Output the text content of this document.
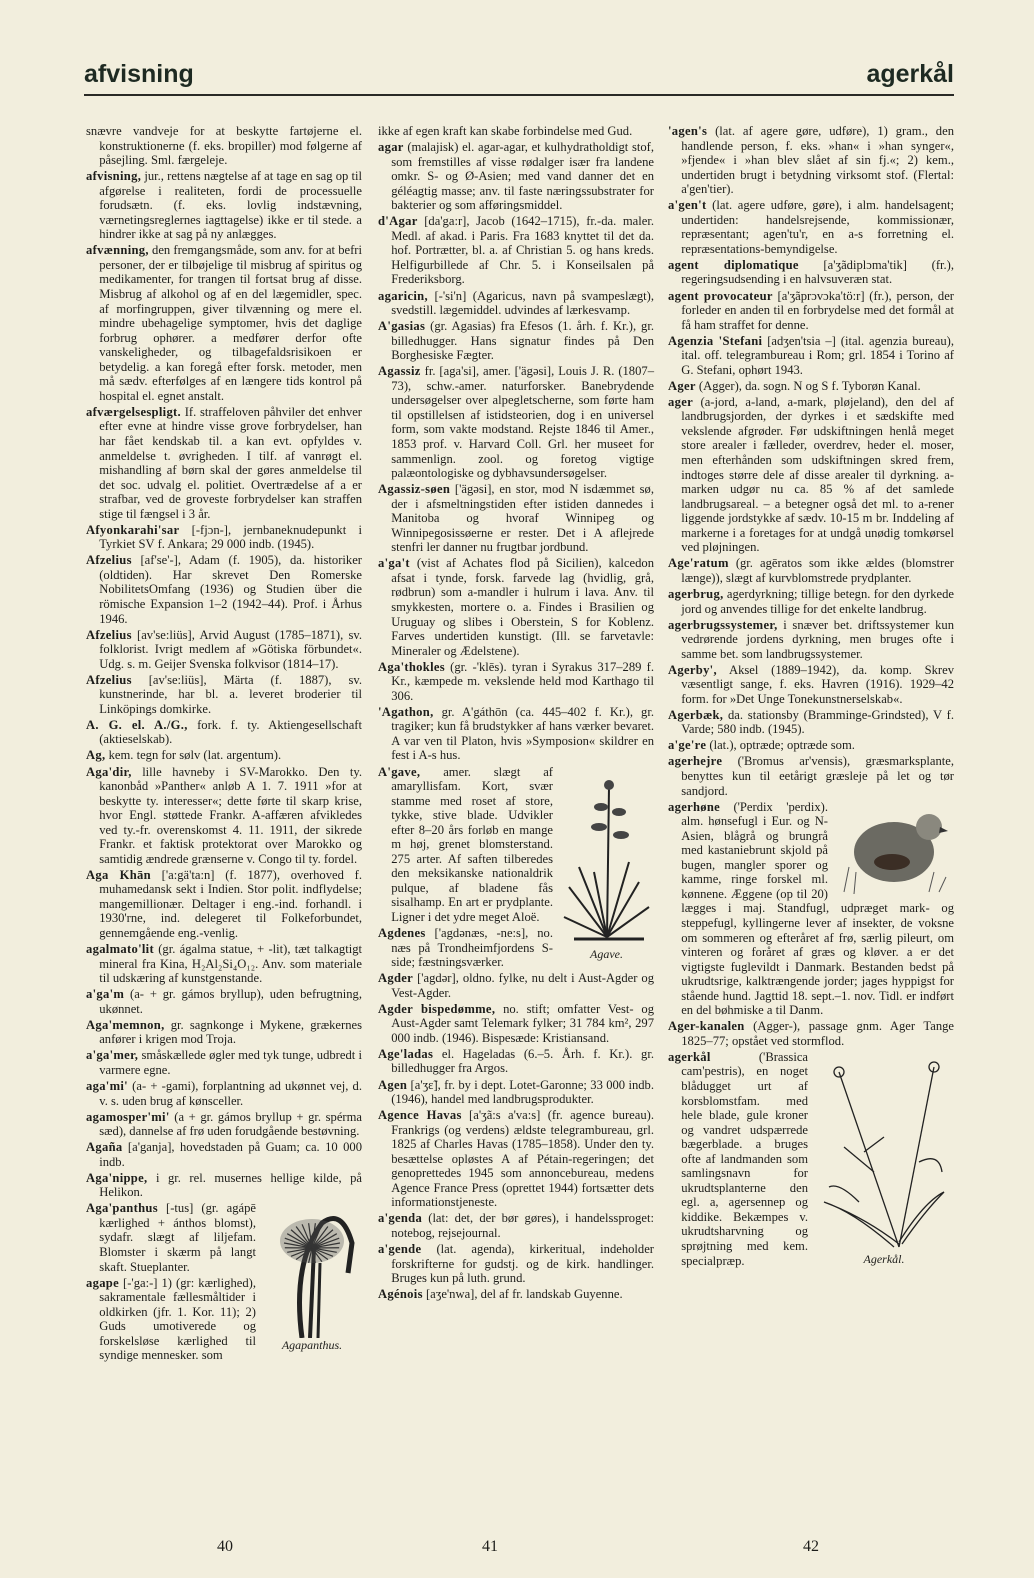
afvisning	agerkål

snævre vandveje for at beskytte fartøjerne el. konstruktionerne (f. eks. bropiller) mod følgerne af påsejling. Sml. færgeleje.

afvisning, jur., rettens nægtelse af at tage en sag op til afgørelse i realiteten, fordi de processuelle forudsætn. (f. eks. lovlig indstævning, værnetingsreglernes iagttagelse) ikke er til stede. a hindrer ikke at sag på ny anlægges.

afvænning, den fremgangsmåde, som anv. for at befri personer, der er tilbøjelige til misbrug af spiritus og medikamenter, for trangen til fortsat brug af disse. Misbrug af alkohol og af en del lægemidler, spec. af morfingruppen, giver tilvænning og mere el. mindre ubehagelige symptomer, hvis det daglige forbrug ophører. a medfører derfor ofte vanskeligheder, og tilbagefaldsrisikoen er betydelig. a kan foregå efter forsk. metoder, men må sædv. efterfølges af en længere tids kontrol på hospital el. egnet anstalt.

afværgelsespligt. If. straffeloven påhviler det enhver efter evne at hindre visse grove forbrydelser, han har fået kendskab til. a kan evt. opfyldes v. anmeldelse t. øvrigheden. I tilf. af vanrøgt el. mishandling af børn skal der gøres anmeldelse til det soc. udvalg el. politiet. Overtrædelse af a er strafbar, ved de groveste forbrydelser kan straffen stige til fængsel i 3 år.

Afyonkarahi'sar [-fjɔn-], jernbaneknudepunkt i Tyrkiet SV f. Ankara; 29 000 indb. (1945).

Afzelius [af'se'-], Adam (f. 1905), da. historiker (oldtiden). Har skrevet Den Romerske NobilitetsOmfang (1936) og Studien über die römische Expansion 1–2 (1942–44). Prof. i Århus 1946.

Afzelius [av'se:liüs], Arvid August (1785–1871), sv. folklorist. Ivrigt medlem af »Götiska förbundet«. Udg. s. m. Geijer Svenska folkvisor (1814–17).

Afzelius [av'se:liüs], Märta (f. 1887), sv. kunstnerinde, har bl. a. leveret broderier til Linköpings domkirke.

A. G. el. A./G., fork. f. ty. Aktiengesellschaft (aktieselskab).

Ag, kem. tegn for sølv (lat. argentum).

Aga'dir, lille havneby i SV-Marokko. Den ty. kanonbåd »Panther« anløb A 1. 7. 1911 »for at beskytte ty. interesser«; dette førte til skarp krise, hvor Engl. støttede Frankr. A-affæren afvikledes ved ty.-fr. overenskomst 4. 11. 1911, der sikrede Frankr. et faktisk protektorat over Marokko og samtidig ændrede grænserne v. Congo til ty. fordel.

Aga Khān ['a:gä'ta:n] (f. 1877), overhoved f. muhamedansk sekt i Indien. Stor polit. indflydelse; mangemillionær. Deltager i eng.-ind. forhandl. i 1930'rne, ind. delegeret til Folkeforbundet, gennemgående eng.-venlig.

agalmato'lit (gr. ágalma statue, + -lit), tæt talkagtigt mineral fra Kina, H₂Al₂Si₄O₁₂. Anv. som materiale til udskæring af kunstgenstande.

a'ga'm (a- + gr. gámos bryllup), uden befrugtning, ukønnet.

Aga'memnon, gr. sagnkonge i Mykene, grækernes anfører i krigen mod Troja.

a'ga'mer, småskællede øgler med tyk tunge, udbredt i varmere egne.

aga'mi' (a- + -gami), forplantning ad ukønnet vej, d. v. s. uden brug af kønsceller.

agamosper'mi' (a + gr. gámos bryllup + gr. spérma sæd), dannelse af frø uden forudgående bestøvning.

Agaña [a'ganja], hovedstaden på Guam; ca. 10 000 indb.

Aga'nippe, i gr. rel. musernes hellige kilde, på Helikon.

Agapanthus.
Aga'panthus [-tus] (gr. agápē kærlighed + ánthos blomst), sydafr. slægt af liljefam. Blomster i skærm på langt skaft. Stueplanter.

agape [-'ga:-] 1) (gr: kærlighed), sakramentale fællesmåltider i oldkirken (jfr. 1. Kor. 11); 2) Guds umotiverede og forskelsløse kærlighed til syndige mennesker. som

ikke af egen kraft kan skabe forbindelse med Gud.

agar (malajisk) el. agar-agar, et kulhydratholdigt stof, som fremstilles af visse rødalger især fra landene omkr. S- og Ø-Asien; med vand danner det en géléagtig masse; anv. til faste næringssubstrater for bakterier og som afføringsmiddel.

d'Agar [da'ga:r], Jacob (1642–1715), fr.-da. maler. Medl. af akad. i Paris. Fra 1683 knyttet til det da. hof. Portrætter, bl. a. af Christian 5. og hans kreds. Helfigurbillede af Chr. 5. i Konseilsalen på Frederiksborg.

agaricin, [-'si'n] (Agaricus, navn på svampeslægt), svedstill. lægemiddel. udvindes af lærkesvamp.

A'gasias (gr. Agasias) fra Efesos (1. årh. f. Kr.), gr. billedhugger. Hans signatur findes på Den Borghesiske Fægter.

Agassiz fr. [aga'si], amer. ['ägəsi], Louis J. R. (1807–73), schw.-amer. naturforsker. Banebrydende undersøgelser over alpegletscherne, som førte ham til opstillelsen af istidsteorien, dog i en universel form, som vakte modstand. Rejste 1846 til Amer., 1853 prof. v. Harvard Coll. Grl. her museet for sammenlign. zool. og foretog vigtige palæontologiske og dybhavsundersøgelser.

Agassiz-søen ['ägəsi], en stor, mod N isdæmmet sø, der i afsmeltningstiden efter istiden dannedes i Manitoba og hvoraf Winnipeg og Winnipegosissøerne er rester. Det i A aflejrede stenfri ler danner nu frugtbar jordbund.

a'ga't (vist af Achates flod på Sicilien), kalcedon afsat i tynde, forsk. farvede lag (hvidlig, grå, rødbrun) som a-mandler i hulrum i lava. Anv. til smykkesten, mortere o. a. Findes i Brasilien og Uruguay og slibes i Oberstein, S for Koblenz. Farves undertiden kunstigt. (Ill. se farvetavle: Mineraler og Ædelstene).

Aga'thokles (gr. -'klēs). tyran i Syrakus 317–289 f. Kr., kæmpede m. vekslende held mod Karthago til 306.

'Agathon, gr. A'gáthōn (ca. 445–402 f. Kr.), gr. tragiker; kun få brudstykker af hans værker bevaret. A var ven til Platon, hvis »Symposion« skildrer en fest i A-s hus.

Agave.
A'gave, amer. slægt af amaryllisfam. Kort, svær stamme med roset af store, tykke, stive blade. Udvikler efter 8–20 års forløb en mange m høj, grenet blomsterstand. 275 arter. Af saften tilberedes den meksikanske nationaldrik pulque, af bladene fås sisalhamp. En art er prydplante. Ligner i det ydre meget Aloë.

Agdenes ['agdənæs, -ne:s], no. næs på Trondheimfjordens S-side; fæstningsværker.

Agder ['agdər], oldno. fylke, nu delt i Aust-Agder og Vest-Agder.

Agder bispedømme, no. stift; omfatter Vest- og Aust-Agder samt Telemark fylker; 31 784 km², 297 000 indb. (1946). Bispesæde: Kristiansand.

Age'ladas el. Hageladas (6.–5. Årh. f. Kr.). gr. billedhugger fra Argos.

Agen [a'ʒɛ̃], fr. by i dept. Lotet-Garonne; 33 000 indb. (1946), handel med landbrugsprodukter.

Agence Havas [a'ʒã:s a'va:s] (fr. agence bureau). Frankrigs (og verdens) ældste telegrambureau, grl. 1825 af Charles Havas (1785–1858). Under den ty. besættelse opløstes A af Pétain-regeringen; det genoprettedes 1945 som annoncebureau, medens Agence France Press (oprettet 1944) fortsætter dets informationstjeneste.

a'genda (lat: det, der bør gøres), i handelssproget: notebog, rejsejournal.

a'gende (lat. agenda), kirkeritual, indeholder forskrifterne for gudstj. og de kirk. handlinger. Bruges kun på luth. grund.

Agénois [aʒe'nwa], del af fr. landskab Guyenne.

'agen's (lat. af agere gøre, udføre), 1) gram., den handlende person, f. eks. »han« i »han synger«, »fjende« i »han blev slået af sin fj.«; 2) kem., undertiden brugt i betydning virksomt stof. (Flertal: a'gen'tier).

a'gen't (lat. agere udføre, gøre), i alm. handelsagent; undertiden: handelsrejsende, kommissionær, repræsentant; agen'tu'r, en a-s forretning el. repræsentations-bemyndigelse.

agent diplomatique [a'ʒãdiplɔma'tik] (fr.), regeringsudsending i en halvsuveræn stat.

agent provocateur [a'ʒãprɔvɔka'tö:r] (fr.), person, der forleder en anden til en forbrydelse med det formål at få ham straffet for denne.

Agenzia 'Stefani [adʒen'tsia –] (ital. agenzia bureau), ital. off. telegrambureau i Rom; grl. 1854 i Torino af G. Stefani, ophørt 1943.

Ager (Agger), da. sogn. N og S f. Tyborøn Kanal.

ager (a-jord, a-land, a-mark, pløjeland), den del af landbrugsjorden, der dyrkes i et sædskifte med vekslende afgrøder. Før udskiftningen henlå meget store arealer i fælleder, overdrev, heder el. moser, men efterhånden som udskiftningen skred frem, indtoges større dele af disse arealer til dyrkning. a-marken udgør nu ca. 85 % af det samlede landbrugsareal. – a betegner også det ml. to a-rener liggende jordstykke af sædv. 10-15 m br. Inddeling af markerne i a foretages for at undgå unødig tomkørsel ved pløjningen.

Age'ratum (gr. agēratos som ikke ældes (blomstrer længe)), slægt af kurvblomstrede prydplanter.

agerbrug, agerdyrkning; tillige betegn. for den dyrkede jord og anvendes tillige for det enkelte landbrug.

agerbrugssystemer, i snæver bet. driftssystemer kun vedrørende jordens dyrkning, men bruges ofte i samme bet. som landbrugssystemer.

Agerby', Aksel (1889–1942), da. komp. Skrev væsentligt sange, f. eks. Havren (1916). 1929–42 form. for »Det Unge Tonekunstnerselskab«.

Agerbæk, da. stationsby (Bramminge-Grindsted), V f. Varde; 580 indb. (1945).

a'ge're (lat.), optræde; optræde som.

agerhejre ('Bromus ar'vensis), græsmarksplante, benyttes kun til eetårigt græsleje på let og tør sandjord.

agerhøne ('Perdix 'perdix). alm. hønsefugl i Eur. og N-Asien, blågrå og brungrå med kastaniebrunt skjold på bugen, mangler sporer og kamme, ringe forskel ml. kønnene. Æggene (op til 20) lægges i maj. Standfugl, udpræget mark- og steppefugl, kyllingerne lever af insekter, de voksne om sommeren og efteråret af frø, særlig pileurt, om vinteren og foråret af græs og kløver. a er det vigtigste fuglevildt i Danmark. Bestanden bedst på ukrudtsrige, kalktrængende jorder; jages hyppigst for stående hund. Jagttid 18. sept.–1. nov. Tidl. er indført en del bøhmiske a til Danm.

Ager-kanalen (Agger-), passage gnm. Ager Tange 1825–77; opstået ved stormflod.

Agerkål.
agerkål ('Brassica cam'pestris), en noget blådugget urt af korsblomstfam. med hele blade, gule kroner og vandret udspærrede bægerblade. a bruges ofte af landmanden som samlingsnavn for ukrudtsplanterne den egl. a, agersennep og kiddike. Bekæmpes v. ukrudtsharvning og sprøjtning med kem. specialpræp.

40	41	42
